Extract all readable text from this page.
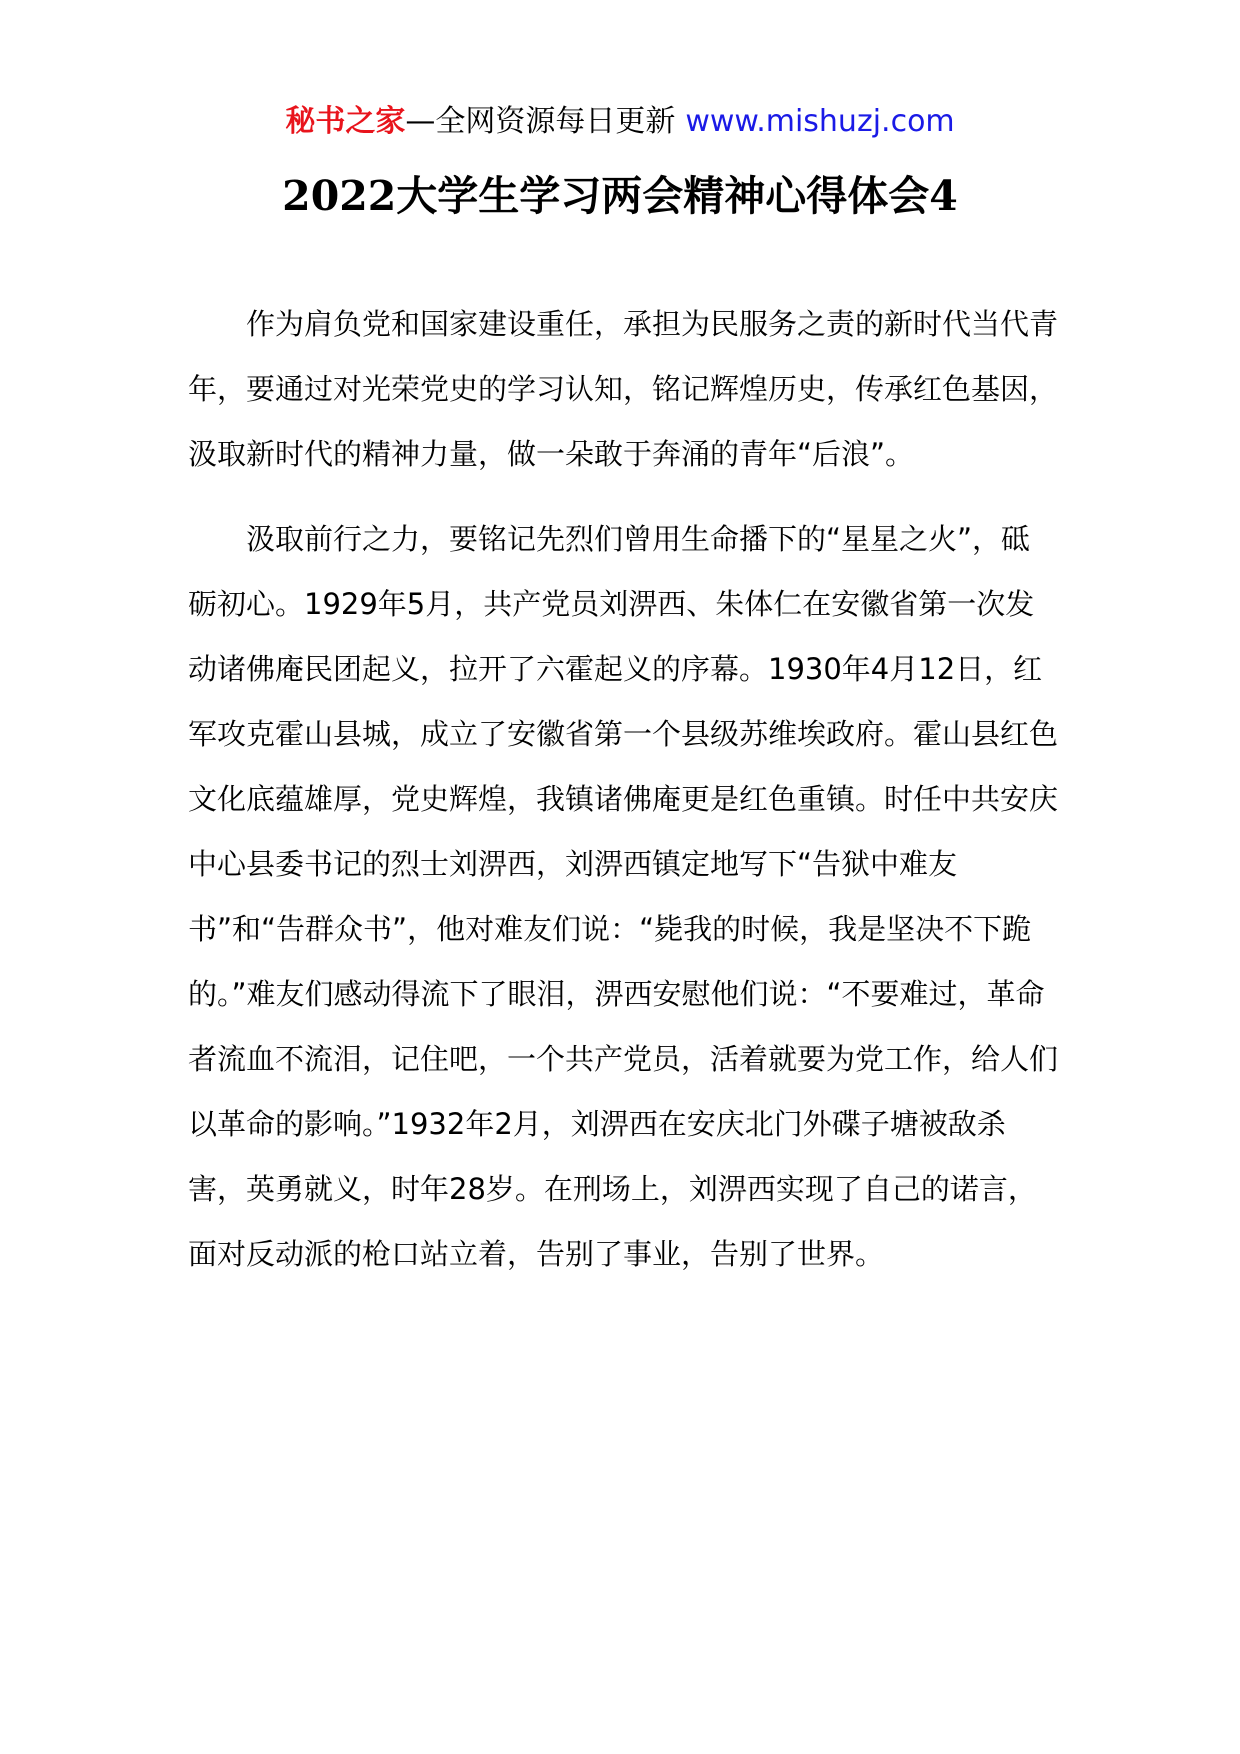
秘书之家—全网资源每日更新 www.mishuzj.com
2022大学生学习两会精神心得体会4

作为肩负党和国家建设重任，承担为民服务之责的新时代当代青年，要通过对光荣党史的学习认知，铭记辉煌历史，传承红色基因，汲取新时代的精神力量，做一朵敢于奔涌的青年“后浪”。

汲取前行之力，要铭记先烈们曾用生命播下的“星星之火”，砥砺初心。1929年5月，共产党员刘淠西、朱体仁在安徽省第一次发动诸佛庵民团起义，拉开了六霍起义的序幕。1930年4月12日，红军攻克霍山县城，成立了安徽省第一个县级苏维埃政府。霍山县红色文化底蕴雄厚，党史辉煌，我镇诸佛庵更是红色重镇。时任中共安庆中心县委书记的烈士刘淠西，刘淠西镇定地写下“告狱中难友书”和“告群众书”，他对难友们说：“毙我的时候，我是坚决不下跪的。”难友们感动得流下了眼泪，淠西安慰他们说：“不要难过，革命者流血不流泪，记住吧，一个共产党员，活着就要为党工作，给人们以革命的影响。”1932年2月，刘淠西在安庆北门外碟子塘被敌杀害，英勇就义，时年28岁。在刑场上，刘淠西实现了自己的诺言，面对反动派的枪口站立着，告别了事业，告别了世界。
